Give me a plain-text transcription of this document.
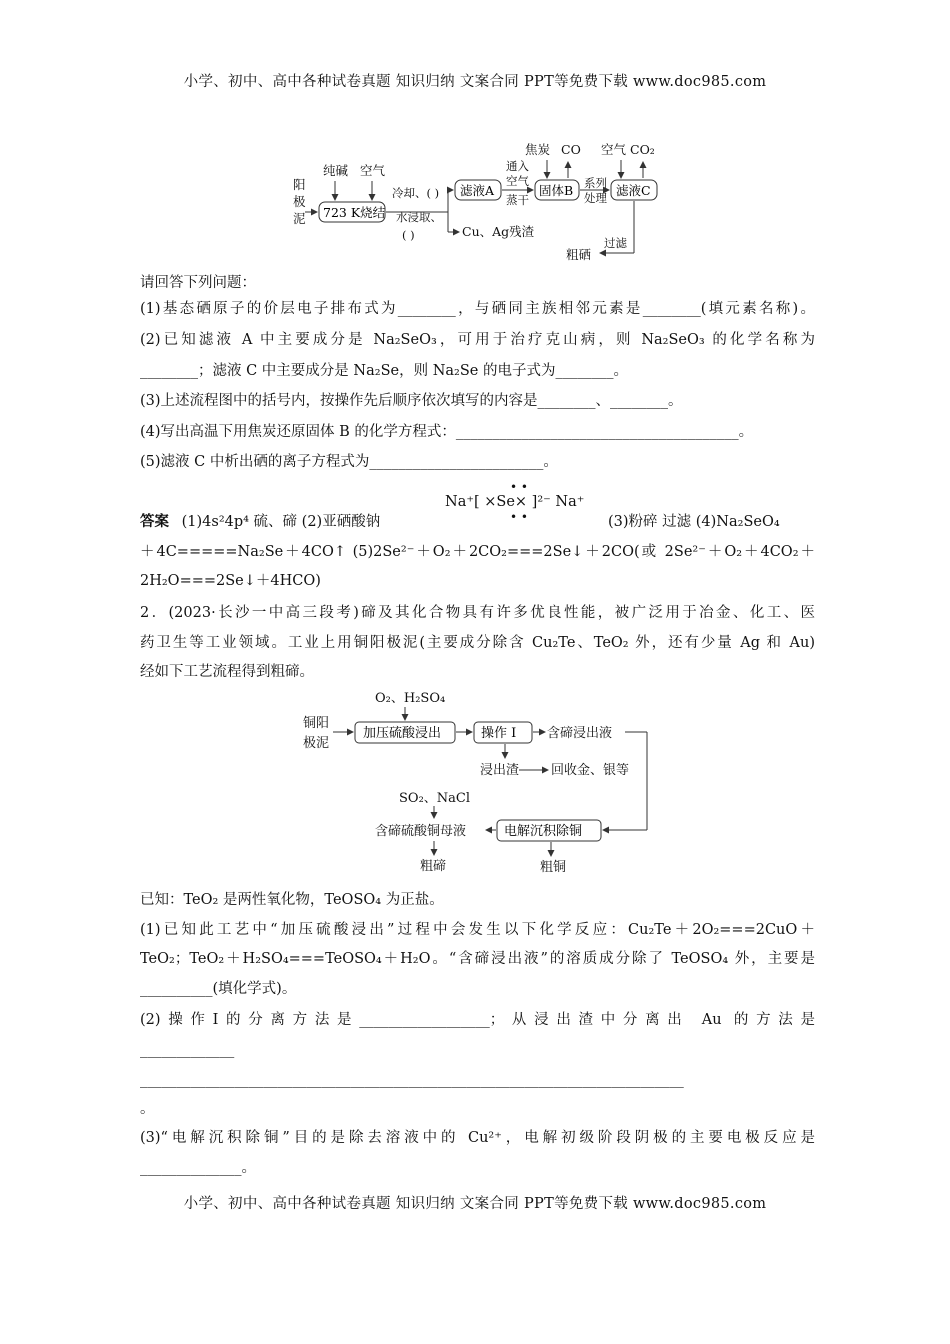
小学、初中、高中各种试卷真题 知识归纳 文案合同 PPT等免费下载 www.doc985.com
小学、初中、高中各种试卷真题 知识归纳 文案合同 PPT等免费下载 www.doc985.com
阳
极
泥
纯碱 空气
冷却、( )
水浸取、
( )	Cu、Ag残渣
通入
空气
蒸干
焦炭 CO
系列
处理
空气 CO₂
过滤
粗硒
723 K烧结
滤液A	固体B	滤液C
请回答下列问题：
(1)基态硒原子的价层电子排布式为________，与硒同主族相邻元素是________(填元素名称)。
(2)已知滤液 A 中主要成分是 Na₂SeO₃，可用于治疗克山病，则 Na₂SeO₃ 的化学名称为
________；滤液 C 中主要成分是 Na₂Se，则 Na₂Se 的电子式为________。
(3)上述流程图中的括号内，按操作先后顺序依次填写的内容是________、________。
(4)写出高温下用焦炭还原固体 B 的化学方程式：_______________________________________。
(5)滤液 C 中析出硒的离子方程式为________________________。
答案 (1)4s²4p⁴ 硫、碲 (2)亚硒酸钠
Na⁺[ ×Se× ]²⁻ Na⁺
• •
• •	(3)粉碎 过滤 (4)Na₂SeO₄
＋4C=====Na₂Se＋4CO↑ (5)2Se²⁻＋O₂＋2CO₂===2Se↓＋2CO(或 2Se²⁻＋O₂＋4CO₂＋
2H₂O===2Se↓＋4HCO)
2．(2023·长沙一中高三段考)碲及其化合物具有许多优良性能，被广泛用于冶金、化工、医
药卫生等工业领域。工业上用铜阳极泥(主要成分除含 Cu₂Te、TeO₂ 外，还有少量 Ag 和 Au)
经如下工艺流程得到粗碲。
铜阳
极泥
O₂、H₂SO₄
含碲浸出液
浸出渣 回收金、银等
SO₂、NaCl
含碲硫酸铜母液
粗碲	粗铜
加压硫酸浸出	操作 Ⅰ
电解沉积除铜
已知：TeO₂ 是两性氧化物，TeOSO₄ 为正盐。
(1)已知此工艺中“加压硫酸浸出”过程中会发生以下化学反应：Cu₂Te＋2O₂===2CuO＋
TeO₂；TeO₂＋H₂SO₄===TeOSO₄＋H₂O。“含碲浸出液”的溶质成分除了 TeOSO₄ 外，主要是
__________(填化学式)。
(2)操作Ⅰ的分离方法是__________________；从浸出渣中分离出 Au 的方法是
_____________
___________________________________________________________________________
。
(3)“电解沉积除铜”目的是除去溶液中的 Cu²⁺，电解初级阶段阴极的主要电极反应是
______________。
